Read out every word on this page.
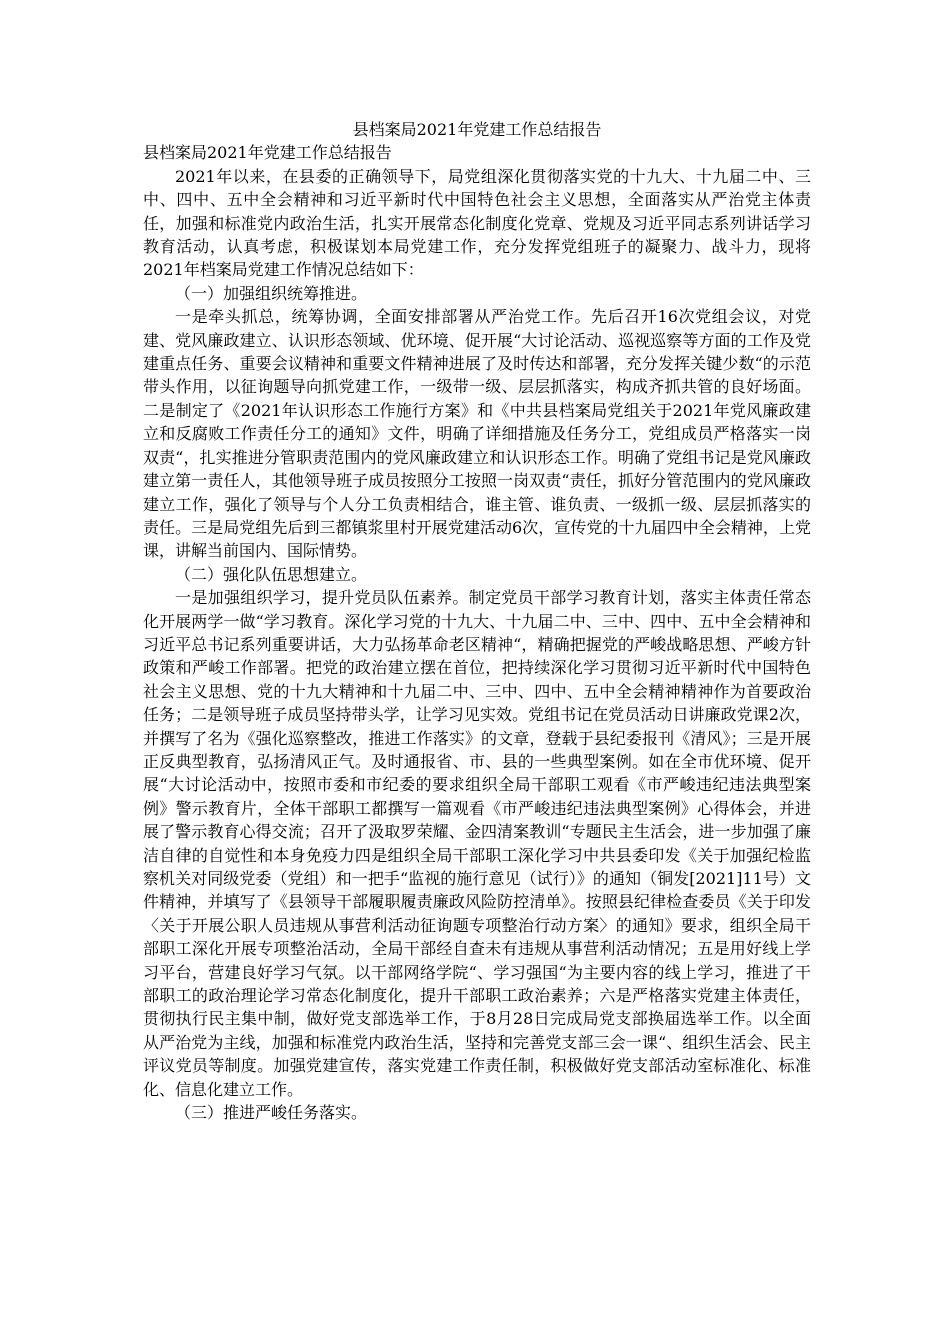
县档案局2021年党建工作总结报告
县档案局2021年党建工作总结报告

2021年以来，在县委的正确领导下，局党组深化贯彻落实党的十九大、十九届二中、三中、四中、五中全会精神和习近平新时代中国特色社会主义思想，全面落实从严治党主体责任，加强和标准党内政治生活，扎实开展常态化制度化党章、党规及习近平同志系列讲话学习教育活动，认真考虑，积极谋划本局党建工作，充分发挥党组班子的凝聚力、战斗力，现将2021年档案局党建工作情况总结如下：

（一）加强组织统筹推进。

一是牵头抓总，统筹协调，全面安排部署从严治党工作。先后召开16次党组会议，对党建、党风廉政建立、认识形态领域、优环境、促开展“大讨论活动、巡视巡察等方面的工作及党建重点任务、重要会议精神和重要文件精神进展了及时传达和部署，充分发挥关键少数“的示范带头作用，以征询题导向抓党建工作，一级带一级、层层抓落实，构成齐抓共管的良好场面。二是制定了《2021年认识形态工作施行方案》和《中共县档案局党组关于2021年党风廉政建立和反腐败工作责任分工的通知》文件，明确了详细措施及任务分工，党组成员严格落实一岗双责“，扎实推进分管职责范围内的党风廉政建立和认识形态工作。明确了党组书记是党风廉政建立第一责任人，其他领导班子成员按照分工按照一岗双责“责任，抓好分管范围内的党风廉政建立工作，强化了领导与个人分工负责相结合，谁主管、谁负责、一级抓一级、层层抓落实的责任。三是局党组先后到三都镇浆里村开展党建活动6次，宣传党的十九届四中全会精神，上党课，讲解当前国内、国际情势。

（二）强化队伍思想建立。

一是加强组织学习，提升党员队伍素养。制定党员干部学习教育计划，落实主体责任常态化开展两学一做“学习教育。深化学习党的十九大、十九届二中、三中、四中、五中全会精神和习近平总书记系列重要讲话，大力弘扬革命老区精神“，精确把握党的严峻战略思想、严峻方针政策和严峻工作部署。把党的政治建立摆在首位，把持续深化学习贯彻习近平新时代中国特色社会主义思想、党的十九大精神和十九届二中、三中、四中、五中全会精神精神作为首要政治任务；二是领导班子成员坚持带头学，让学习见实效。党组书记在党员活动日讲廉政党课2次，并撰写了名为《强化巡察整改，推进工作落实》的文章，登载于县纪委报刊《清风》；三是开展正反典型教育，弘扬清风正气。及时通报省、市、县的一些典型案例。如在全市优环境、促开展“大讨论活动中，按照市委和市纪委的要求组织全局干部职工观看《市严峻违纪违法典型案例》警示教育片，全体干部职工都撰写一篇观看《市严峻违纪违法典型案例》心得体会，并进展了警示教育心得交流；召开了汲取罗荣耀、金四清案教训“专题民主生活会，进一步加强了廉洁自律的自觉性和本身免疫力四是组织全局干部职工深化学习中共县委印发《关于加强纪检监察机关对同级党委（党组）和一把手“监视的施行意见（试行）》的通知（铜发[2021]11号）文件精神，并填写了《县领导干部履职履责廉政风险防控清单》。按照县纪律检查委员《关于印发〈关于开展公职人员违规从事营利活动征询题专项整治行动方案〉的通知》要求，组织全局干部职工深化开展专项整治活动，全局干部经自查未有违规从事营利活动情况；五是用好线上学习平台，营建良好学习气氛。以干部网络学院“、学习强国“为主要内容的线上学习，推进了干部职工的政治理论学习常态化制度化，提升干部职工政治素养；六是严格落实党建主体责任，贯彻执行民主集中制，做好党支部选举工作，于8月28日完成局党支部换届选举工作。以全面从严治党为主线，加强和标准党内政治生活，坚持和完善党支部三会一课“、组织生活会、民主评议党员等制度。加强党建宣传，落实党建工作责任制，积极做好党支部活动室标准化、标准化、信息化建立工作。

（三）推进严峻任务落实。
